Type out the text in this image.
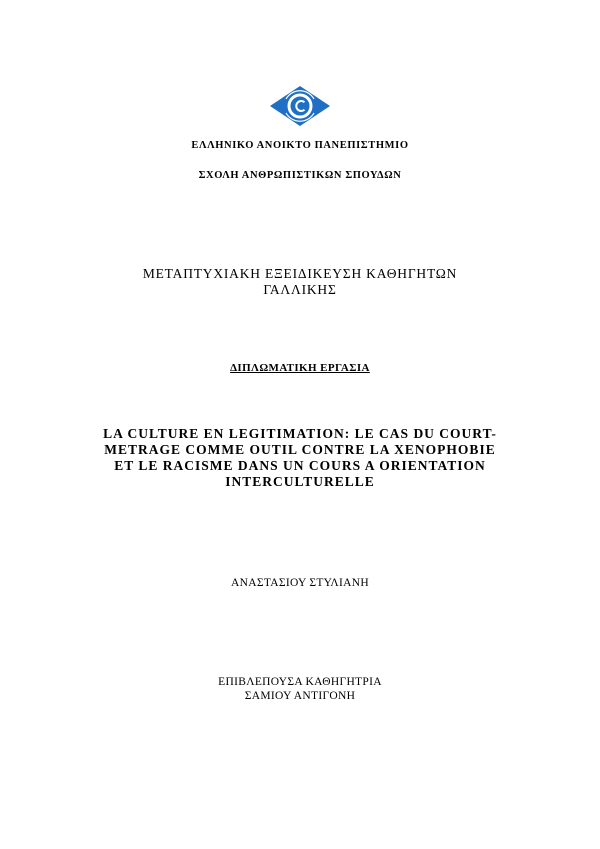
ΕΛΛΗΝΙΚΟ ΑΝΟΙΚΤΟ ΠΑΝΕΠΙΣΤΗΜΙΟ
ΣΧΟΛΗ ΑΝΘΡΩΠΙΣΤΙΚΩΝ ΣΠΟΥΔΩΝ
ΜΕΤΑΠΤΥΧΙΑΚΗ ΕΞΕΙΔΙΚΕΥΣΗ ΚΑΘΗΓΗΤΩΝ
ΓΑΛΛΙΚΗΣ
ΔΙΠΛΩΜΑΤΙΚΗ ΕΡΓΑΣΙΑ
LA CULTURE EN LEGITIMATION: LE CAS DU COURT-
METRAGE COMME OUTIL CONTRE LA XENOPHOBIE
ET LE RACISME DANS UN COURS A ORIENTATION
INTERCULTURELLE
ΑΝΑΣΤΑΣΙΟΥ ΣΤΥΛΙΑΝΗ
ΕΠΙΒΛΕΠΟΥΣΑ ΚΑΘΗΓΗΤΡΙΑ
ΣΑΜΙΟΥ ΑΝΤΙΓΟΝΗ
